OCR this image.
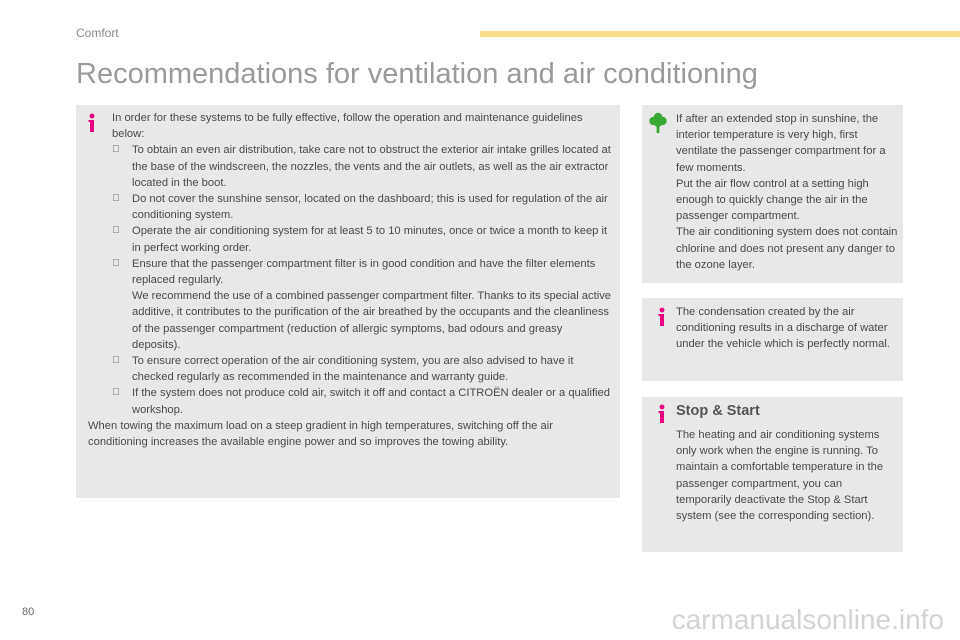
Comfort
Recommendations for ventilation and air conditioning

In order for these systems to be fully effective, follow the operation and maintenance guidelines below:

To obtain an even air distribution, take care not to obstruct the exterior air intake grilles located at the base of the windscreen, the nozzles, the vents and the air outlets, as well as the air extractor located in the boot.
Do not cover the sunshine sensor, located on the dashboard; this is used for regulation of the air conditioning system.
Operate the air conditioning system for at least 5 to 10 minutes, once or twice a month to keep it in perfect working order.
Ensure that the passenger compartment filter is in good condition and have the filter elements replaced regularly.
We recommend the use of a combined passenger compartment filter. Thanks to its special active additive, it contributes to the purification of the air breathed by the occupants and the cleanliness of the passenger compartment (reduction of allergic symptoms, bad odours and greasy deposits).
To ensure correct operation of the air conditioning system, you are also advised to have it checked regularly as recommended in the maintenance and warranty guide.
If the system does not produce cold air, switch it off and contact a CITROËN dealer or a qualified workshop.

When towing the maximum load on a steep gradient in high temperatures, switching off the air conditioning increases the available engine power and so improves the towing ability.

If after an extended stop in sunshine, the interior temperature is very high, first ventilate the passenger compartment for a few moments.

Put the air flow control at a setting high enough to quickly change the air in the passenger compartment.

The air conditioning system does not contain chlorine and does not present any danger to the ozone layer.

The condensation created by the air conditioning results in a discharge of water under the vehicle which is perfectly normal.

Stop & Start

The heating and air conditioning systems only work when the engine is running. To maintain a comfortable temperature in the passenger compartment, you can temporarily deactivate the Stop & Start system (see the corresponding section).

80	carmanualsonline.info
